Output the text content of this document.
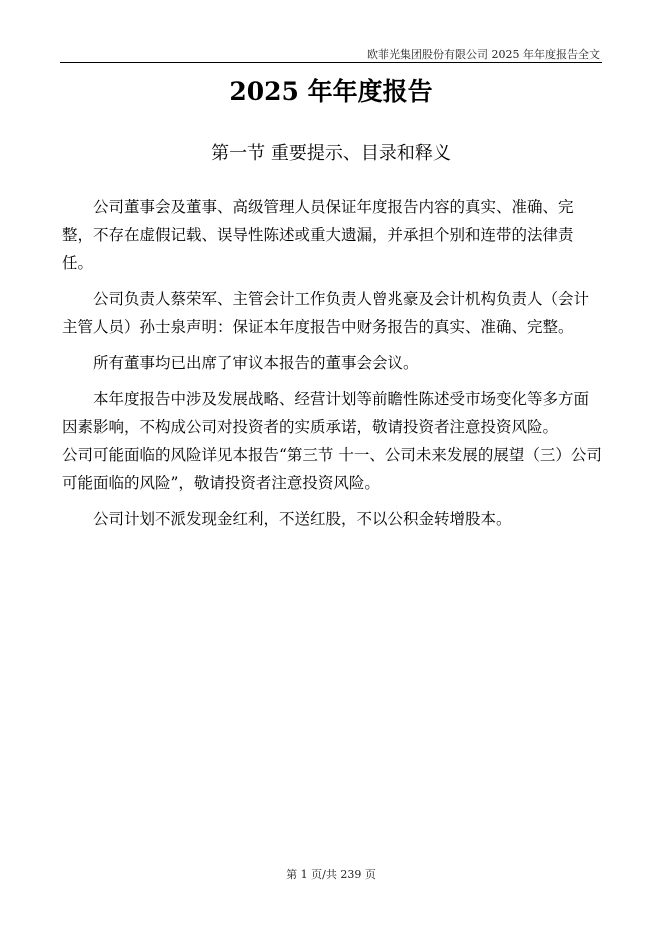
欧菲光集团股份有限公司 2025 年年度报告全文
2025 年年度报告
第一节 重要提示、目录和释义

公司董事会及董事、高级管理人员保证年度报告内容的真实、准确、完整，不存在虚假记载、误导性陈述或重大遗漏，并承担个别和连带的法律责任。

公司负责人蔡荣军、主管会计工作负责人曾兆豪及会计机构负责人（会计主管人员）孙士泉声明：保证本年度报告中财务报告的真实、准确、完整。

所有董事均已出席了审议本报告的董事会会议。

本年度报告中涉及发展战略、经营计划等前瞻性陈述受市场变化等多方面因素影响，不构成公司对投资者的实质承诺，敬请投资者注意投资风险。

公司可能面临的风险详见本报告“第三节 十一、公司未来发展的展望（三）公司可能面临的风险”，敬请投资者注意投资风险。

公司计划不派发现金红利，不送红股，不以公积金转增股本。

第 1 页/共 239 页
